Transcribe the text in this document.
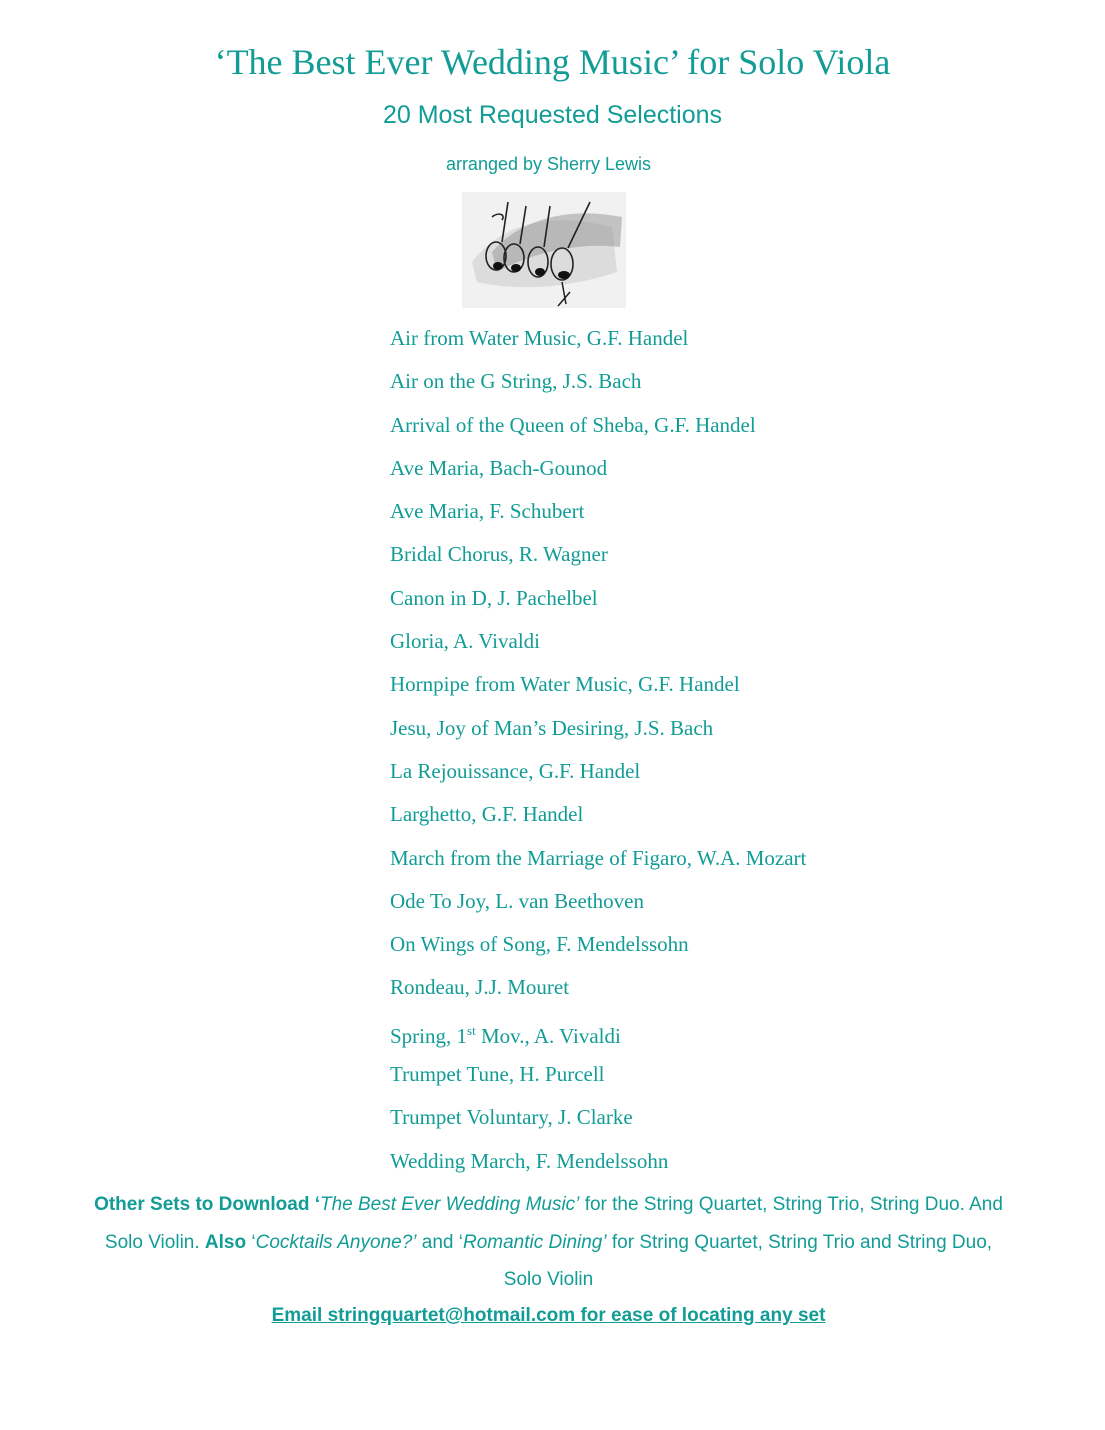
‘The Best Ever Wedding Music’ for Solo Viola
20 Most Requested Selections
arranged by Sherry Lewis
Air from Water Music, G.F. Handel
Air on the G String, J.S. Bach
Arrival of the Queen of Sheba, G.F. Handel
Ave Maria, Bach-Gounod
Ave Maria, F. Schubert
Bridal Chorus, R. Wagner
Canon in D, J. Pachelbel
Gloria, A. Vivaldi
Hornpipe from Water Music, G.F. Handel
Jesu, Joy of Man’s Desiring, J.S. Bach
La Rejouissance, G.F. Handel
Larghetto, G.F. Handel
March from the Marriage of Figaro, W.A. Mozart
Ode To Joy, L. van Beethoven
On Wings of Song, F. Mendelssohn
Rondeau, J.J. Mouret
Spring, 1st Mov., A. Vivaldi
Trumpet Tune, H. Purcell
Trumpet Voluntary, J. Clarke
Wedding March, F. Mendelssohn
Other Sets to Download ‘The Best Ever Wedding Music’ for the String Quartet, String Trio, String Duo. And Solo Violin. Also ‘Cocktails Anyone?’ and ‘Romantic Dining’ for String Quartet, String Trio and String Duo, Solo Violin
Email stringquartet@hotmail.com for ease of locating any set
